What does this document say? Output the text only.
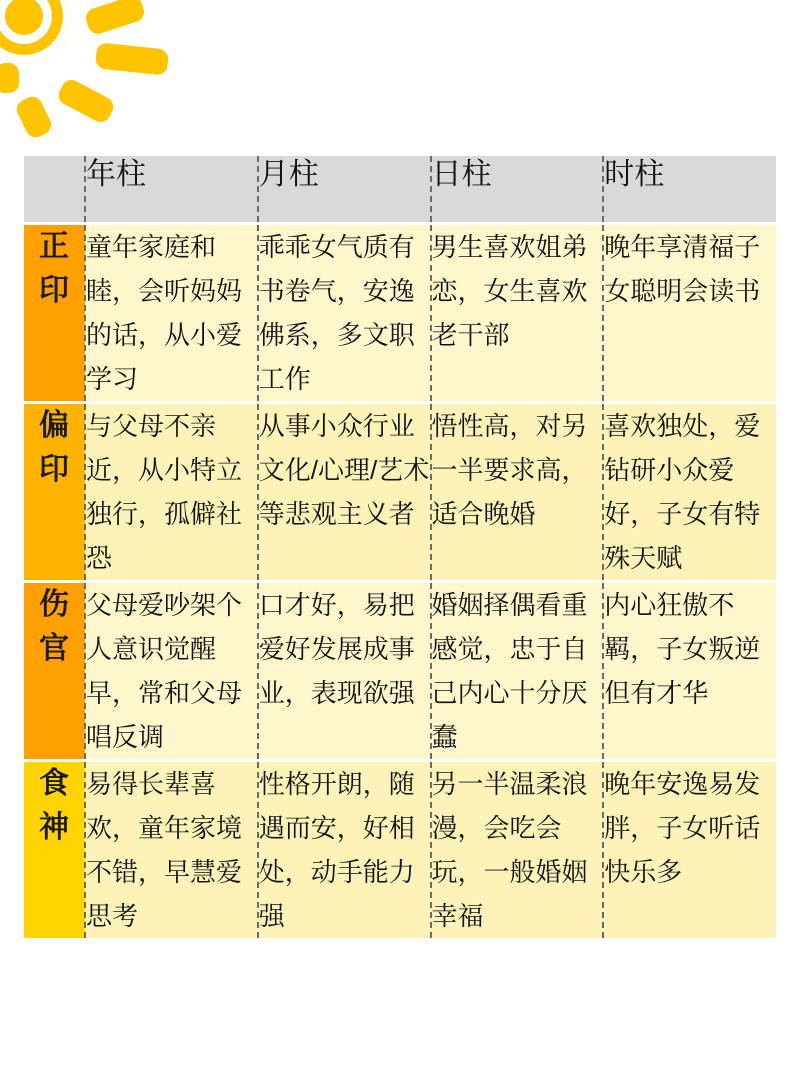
	年柱	月柱	日柱	时柱

正
印	童年家庭和睦，会听妈妈的话，从小爱学习	乖乖女气质有书卷气，安逸佛系，多文职工作	男生喜欢姐弟恋，女生喜欢老干部	晚年享清福子女聪明会读书

偏
印	与父母不亲近，从小特立独行，孤僻社恐	从事小众行业文化/心理/艺术等悲观主义者	悟性高，对另一半要求高，适合晚婚	喜欢独处，爱钻研小众爱好，子女有特殊天赋

伤
官	父母爱吵架个人意识觉醒早，常和父母唱反调	口才好，易把爱好发展成事业，表现欲强	婚姻择偶看重感觉，忠于自己内心十分厌蠢	内心狂傲不羁，子女叛逆但有才华

食
神	易得长辈喜欢，童年家境不错，早慧爱思考	性格开朗，随遇而安，好相处，动手能力强	另一半温柔浪漫，会吃会玩，一般婚姻幸福	晚年安逸易发胖，子女听话快乐多
